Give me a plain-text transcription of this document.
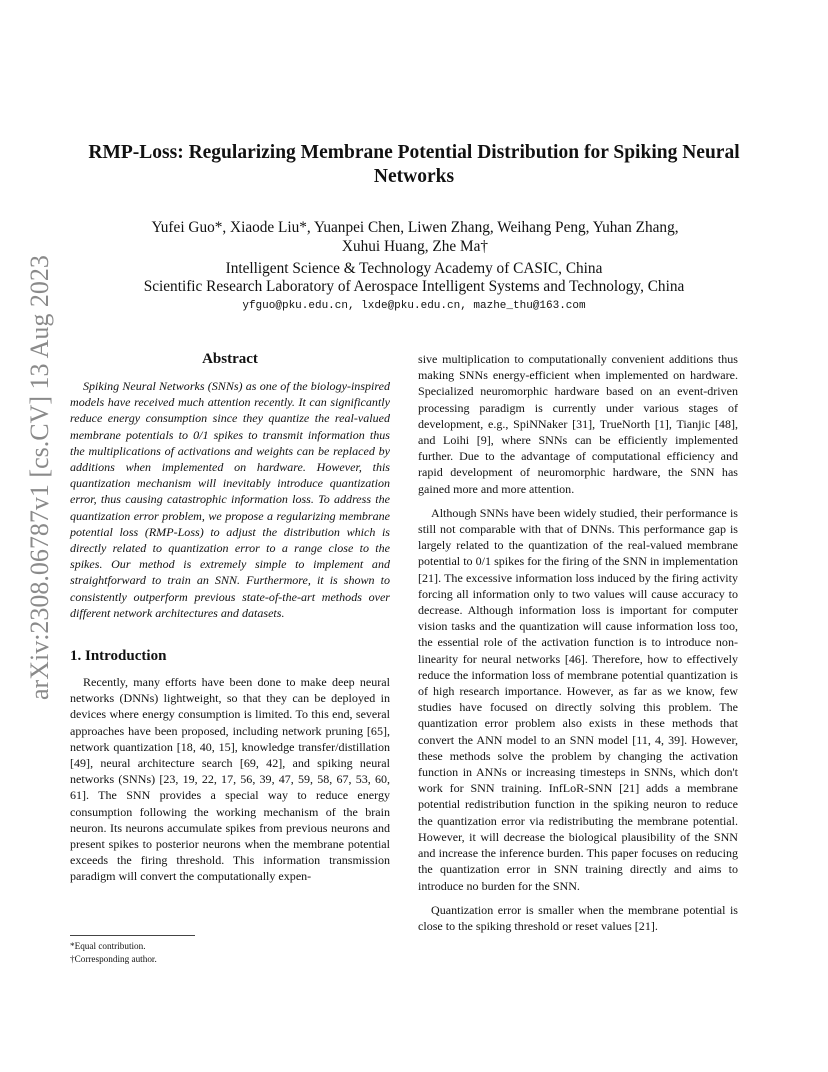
arXiv:2308.06787v1 [cs.CV] 13 Aug 2023
RMP-Loss: Regularizing Membrane Potential Distribution for Spiking Neural Networks
Yufei Guo*, Xiaode Liu*, Yuanpei Chen, Liwen Zhang, Weihang Peng, Yuhan Zhang,
Xuhui Huang, Zhe Ma†
Intelligent Science & Technology Academy of CASIC, China
Scientific Research Laboratory of Aerospace Intelligent Systems and Technology, China
yfguo@pku.edu.cn, lxde@pku.edu.cn, mazhe_thu@163.com
Abstract

Spiking Neural Networks (SNNs) as one of the biology-inspired models have received much attention recently. It can significantly reduce energy consumption since they quantize the real-valued membrane potentials to 0/1 spikes to transmit information thus the multiplications of activations and weights can be replaced by additions when implemented on hardware. However, this quantization mechanism will inevitably introduce quantization error, thus causing catastrophic information loss. To address the quantization error problem, we propose a regularizing membrane potential loss (RMP-Loss) to adjust the distribution which is directly related to quantization error to a range close to the spikes. Our method is extremely simple to implement and straightforward to train an SNN. Furthermore, it is shown to consistently outperform previous state-of-the-art methods over different network architectures and datasets.

1. Introduction

Recently, many efforts have been done to make deep neural networks (DNNs) lightweight, so that they can be deployed in devices where energy consumption is limited. To this end, several approaches have been proposed, including network pruning [65], network quantization [18, 40, 15], knowledge transfer/distillation [49], neural architecture search [69, 42], and spiking neural networks (SNNs) [23, 19, 22, 17, 56, 39, 47, 59, 58, 67, 53, 60, 61]. The SNN provides a special way to reduce energy consumption following the working mechanism of the brain neuron. Its neurons accumulate spikes from previous neurons and present spikes to posterior neurons when the membrane potential exceeds the firing threshold. This information transmission paradigm will convert the computationally expen-

sive multiplication to computationally convenient additions thus making SNNs energy-efficient when implemented on hardware. Specialized neuromorphic hardware based on an event-driven processing paradigm is currently under various stages of development, e.g., SpiNNaker [31], TrueNorth [1], Tianjic [48], and Loihi [9], where SNNs can be efficiently implemented further. Due to the advantage of computational efficiency and rapid development of neuromorphic hardware, the SNN has gained more and more attention.

Although SNNs have been widely studied, their performance is still not comparable with that of DNNs. This performance gap is largely related to the quantization of the real-valued membrane potential to 0/1 spikes for the firing of the SNN in implementation [21]. The excessive information loss induced by the firing activity forcing all information only to two values will cause accuracy to decrease. Although information loss is important for computer vision tasks and the quantization will cause information loss too, the essential role of the activation function is to introduce non-linearity for neural networks [46]. Therefore, how to effectively reduce the information loss of membrane potential quantization is of high research importance. However, as far as we know, few studies have focused on directly solving this problem. The quantization error problem also exists in these methods that convert the ANN model to an SNN model [11, 4, 39]. However, these methods solve the problem by changing the activation function in ANNs or increasing timesteps in SNNs, which don't work for SNN training. InfLoR-SNN [21] adds a membrane potential redistribution function in the spiking neuron to reduce the quantization error via redistributing the membrane potential. However, it will decrease the biological plausibility of the SNN and increase the inference burden. This paper focuses on reducing the quantization error in SNN training directly and aims to introduce no burden for the SNN.

Quantization error is smaller when the membrane potential is close to the spiking threshold or reset values [21].

*Equal contribution.
†Corresponding author.
